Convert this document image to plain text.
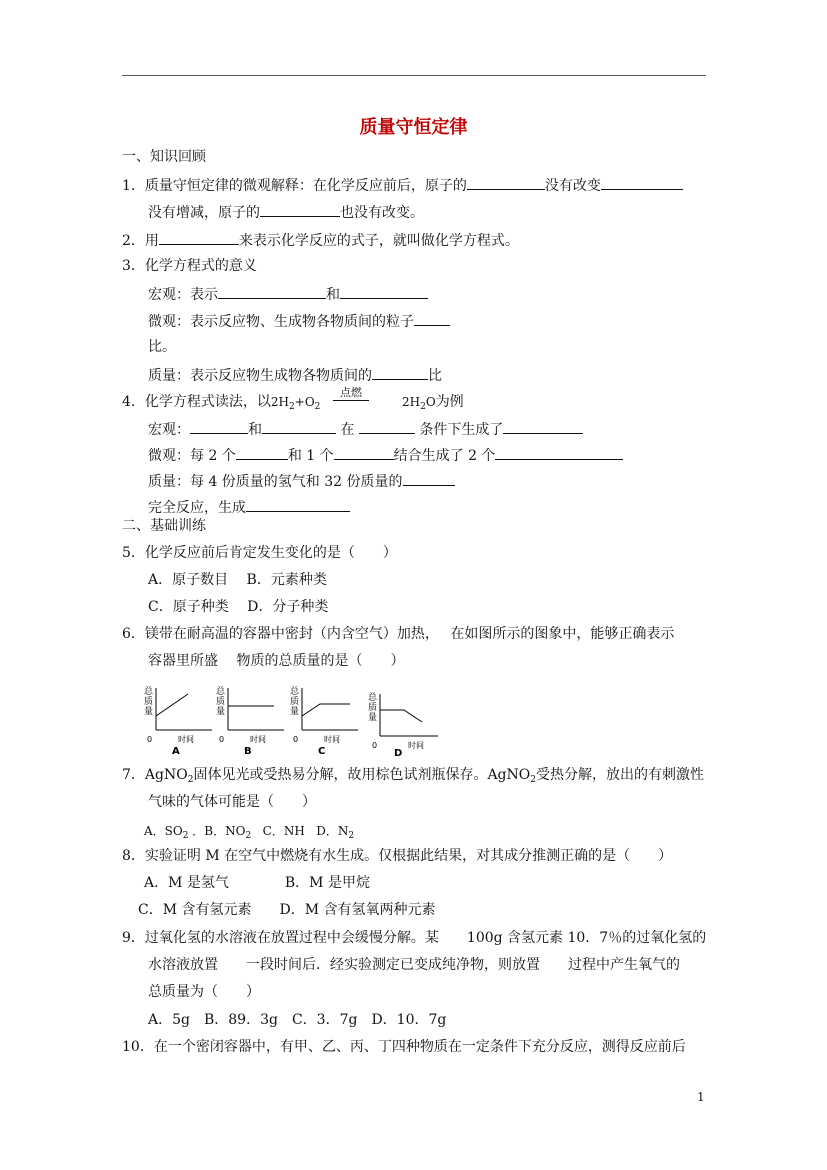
质量守恒定律
一、知识回顾
1．质量守恒定律的微观解释：在化学反应前后，原子的	没有改变
没有增减，原子的	也没有改变。
2．用	来表示化学反应的式子，就叫做化学方程式。
3．化学方程式的意义
宏观：表示	和
微观：表示反应物、生成物各物质间的粒子
比。
质量：表示反应物生成物各物质间的	比
4．化学方程式读法，以$2H_2+O_2$
点燃
$2H_2O$为例
宏观：	和	在	条件下生成了
微观：每 2 个	和 1 个	结合生成了 2 个
质量：每 4 份质量的氢气和 32 份质量的
完全反应，生成
二、基础训练
5．化学反应前后肯定发生变化的是（　　）
A．原子数目　 B．元素种类
C．原子种类　 D．分子种类
6．镁带在耐高温的容器中密封（内含空气）加热，　 在如图所示的图象中，能够正确表示
容器里所盛　 物质的总质量的是（　　）
总
质
量
0	时间
A
总
质
量
0	时间
B
总
质
量
0	时间
C
总
质
量
0	时间
D
7．AgNO$_2$固体见光或受热易分解，故用棕色试剂瓶保存。AgNO$_2$受热分解，放出的有刺激性
气味的气体可能是（　　）
A．$SO_2$ ．B．$NO_2$ C．NH D．$N_2$
8．实验证明 M 在空气中燃烧有水生成。仅根据此结果，对其成分推测正确的是（　　）
A．M 是氢气　　　　B．M 是甲烷
C．M 含有氢元素　　D．M 含有氢氧两种元素
9．过氧化氢的水溶液在放置过程中会缓慢分解。某　　100g 含氢元素 10．7％的过氧化氢的
水溶液放置　　一段时间后．经实验测定已变成纯净物，则放置　　过程中产生氧气的
总质量为（　　）
A．5g　B．89．3g　C．3．7g　D．10．7g
10．在一个密闭容器中，有甲、乙、丙、丁四种物质在一定条件下充分反应，测得反应前后
1
